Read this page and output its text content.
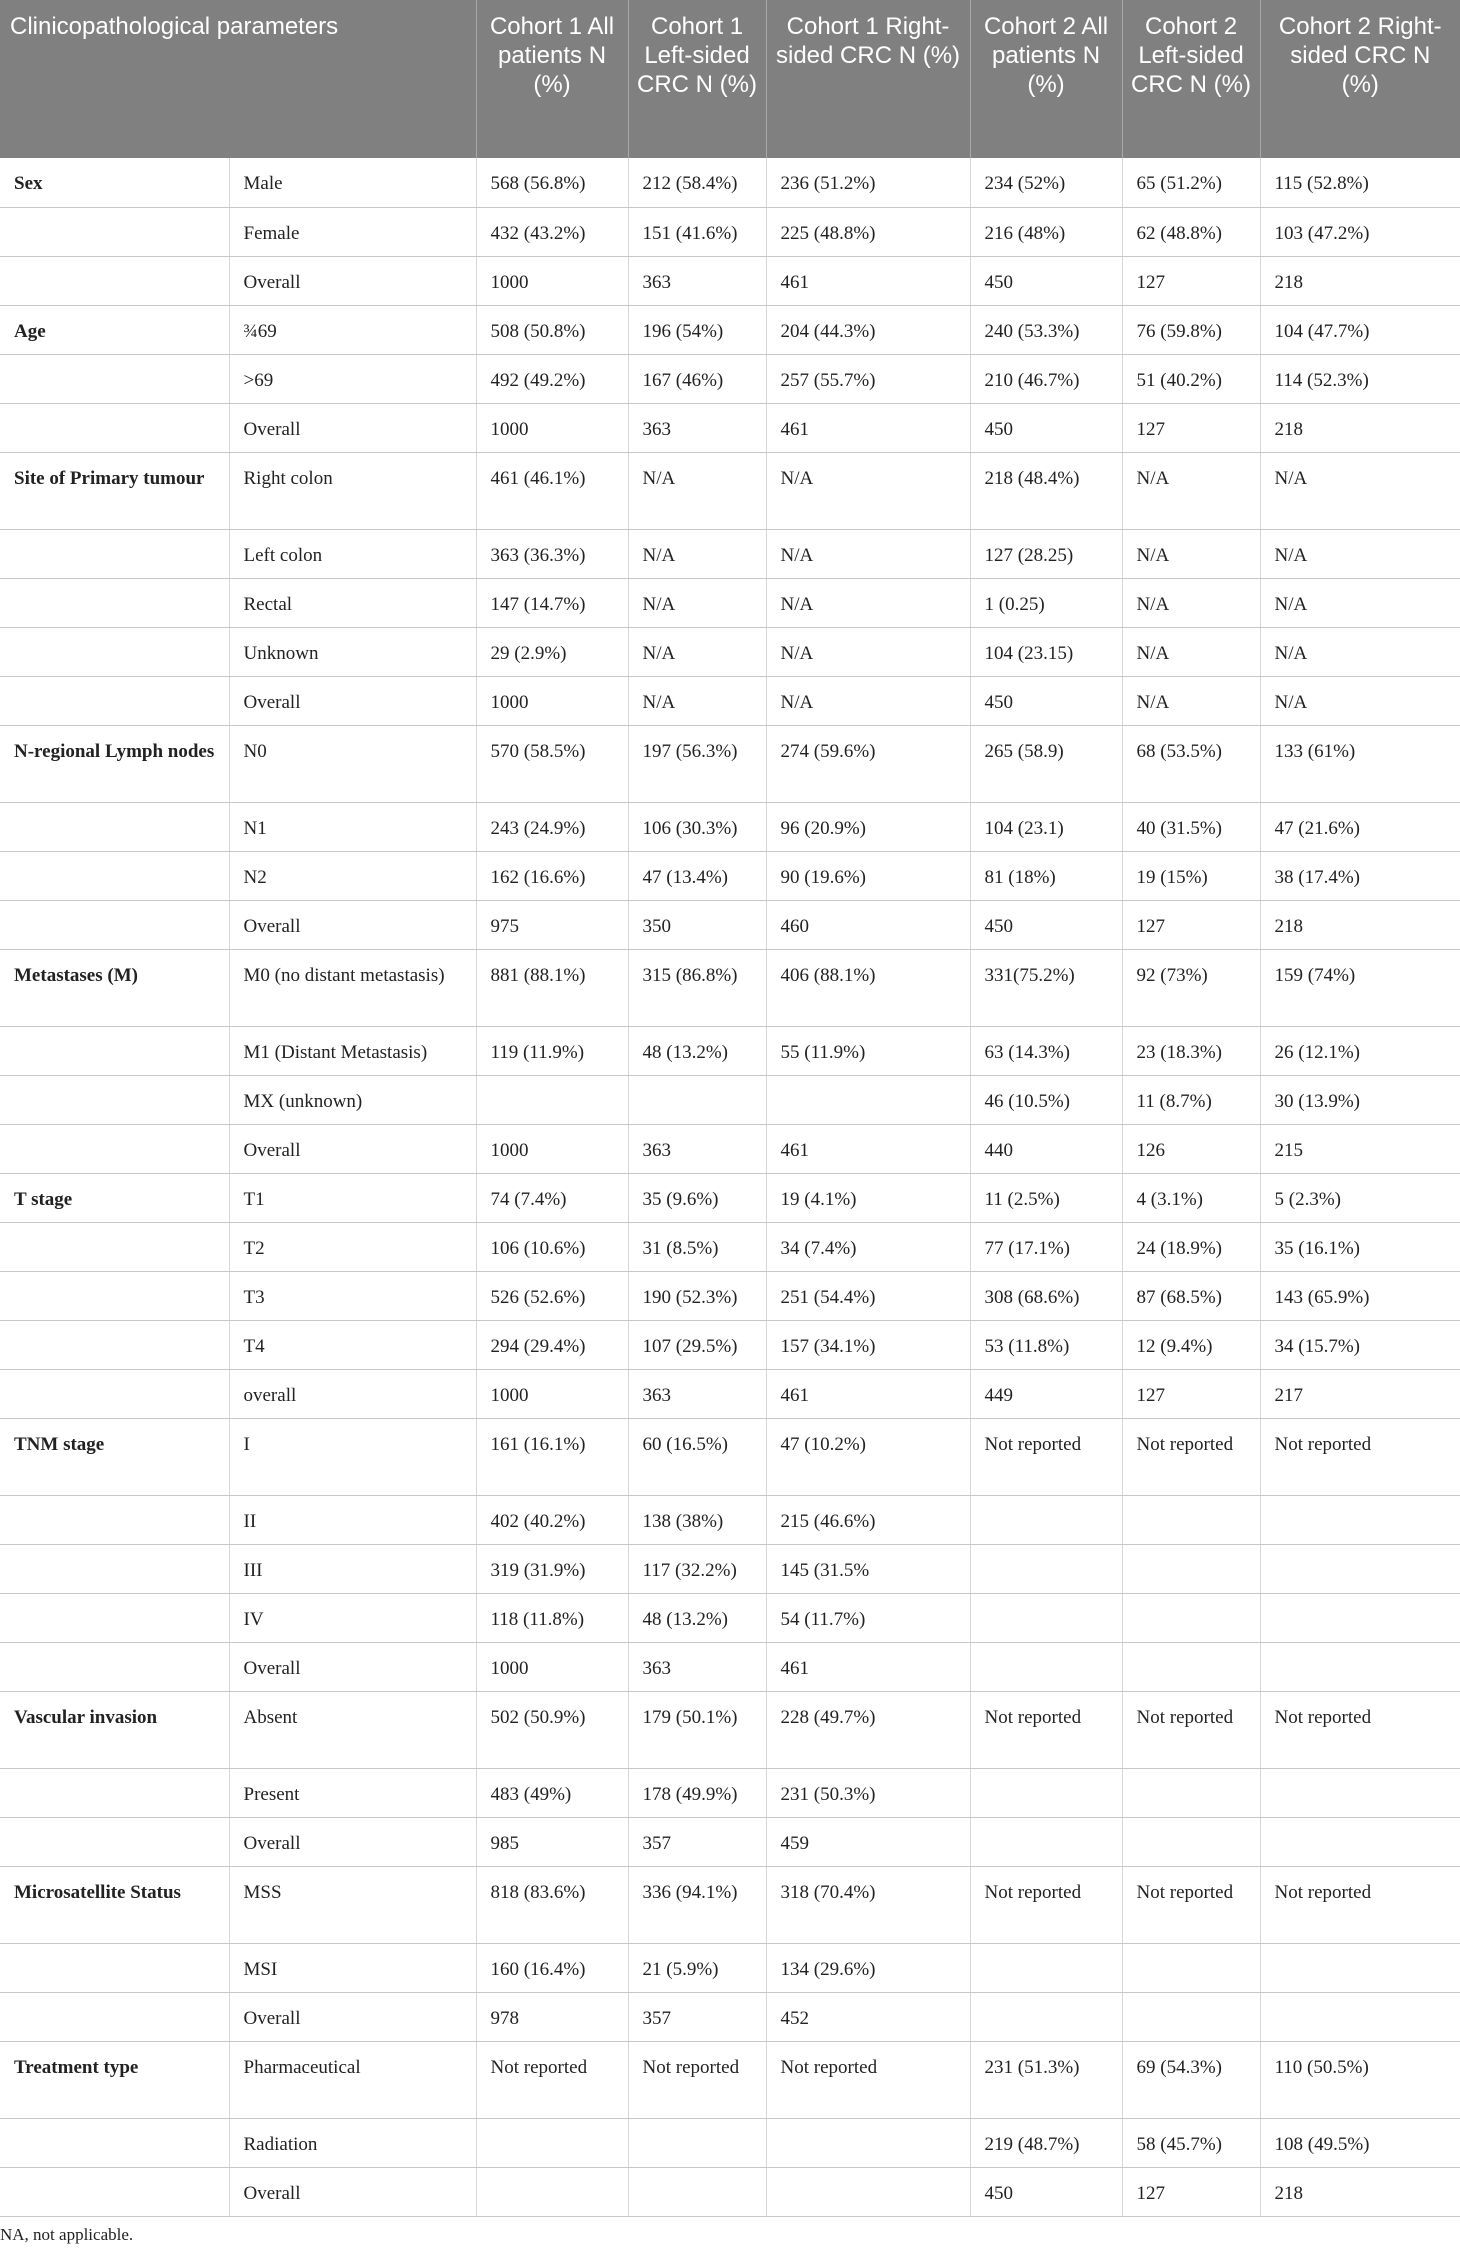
Clinicopathological parameters		Cohort 1 All patients N (%)	Cohort 1 Left-sided CRC N (%)	Cohort 1 Right-sided CRC N (%)	Cohort 2 All patients N (%)	Cohort 2 Left-sided CRC N (%)	Cohort 2 Right-sided CRC N (%)
Sex	Male	568 (56.8%)	212 (58.4%)	236 (51.2%)	234 (52%)	65 (51.2%)	115 (52.8%)
	Female	432 (43.2%)	151 (41.6%)	225 (48.8%)	216 (48%)	62 (48.8%)	103 (47.2%)
	Overall	1000	363	461	450	127	218
Age	¾69	508 (50.8%)	196 (54%)	204 (44.3%)	240 (53.3%)	76 (59.8%)	104 (47.7%)
	>69	492 (49.2%)	167 (46%)	257 (55.7%)	210 (46.7%)	51 (40.2%)	114 (52.3%)
	Overall	1000	363	461	450	127	218
Site of Primary tumour	Right colon	461 (46.1%)	N/A	N/A	218 (48.4%)	N/A	N/A
	Left colon	363 (36.3%)	N/A	N/A	127 (28.25)	N/A	N/A
	Rectal	147 (14.7%)	N/A	N/A	1 (0.25)	N/A	N/A
	Unknown	29 (2.9%)	N/A	N/A	104 (23.15)	N/A	N/A
	Overall	1000	N/A	N/A	450	N/A	N/A
N-regional Lymph nodes	N0	570 (58.5%)	197 (56.3%)	274 (59.6%)	265 (58.9)	68 (53.5%)	133 (61%)
	N1	243 (24.9%)	106 (30.3%)	96 (20.9%)	104 (23.1)	40 (31.5%)	47 (21.6%)
	N2	162 (16.6%)	47 (13.4%)	90 (19.6%)	81 (18%)	19 (15%)	38 (17.4%)
	Overall	975	350	460	450	127	218
Metastases (M)	M0 (no distant metastasis)	881 (88.1%)	315 (86.8%)	406 (88.1%)	331(75.2%)	92 (73%)	159 (74%)
	M1 (Distant Metastasis)	119 (11.9%)	48 (13.2%)	55 (11.9%)	63 (14.3%)	23 (18.3%)	26 (12.1%)
	MX (unknown)				46 (10.5%)	11 (8.7%)	30 (13.9%)
	Overall	1000	363	461	440	126	215
T stage	T1	74 (7.4%)	35 (9.6%)	19 (4.1%)	11 (2.5%)	4 (3.1%)	5 (2.3%)
	T2	106 (10.6%)	31 (8.5%)	34 (7.4%)	77 (17.1%)	24 (18.9%)	35 (16.1%)
	T3	526 (52.6%)	190 (52.3%)	251 (54.4%)	308 (68.6%)	87 (68.5%)	143 (65.9%)
	T4	294 (29.4%)	107 (29.5%)	157 (34.1%)	53 (11.8%)	12 (9.4%)	34 (15.7%)
	overall	1000	363	461	449	127	217
TNM stage	I	161 (16.1%)	60 (16.5%)	47 (10.2%)	Not reported	Not reported	Not reported
	II	402 (40.2%)	138 (38%)	215 (46.6%)			
	III	319 (31.9%)	117 (32.2%)	145 (31.5%			
	IV	118 (11.8%)	48 (13.2%)	54 (11.7%)			
	Overall	1000	363	461			
Vascular invasion	Absent	502 (50.9%)	179 (50.1%)	228 (49.7%)	Not reported	Not reported	Not reported
	Present	483 (49%)	178 (49.9%)	231 (50.3%)			
	Overall	985	357	459			
Microsatellite Status	MSS	818 (83.6%)	336 (94.1%)	318 (70.4%)	Not reported	Not reported	Not reported
	MSI	160 (16.4%)	21 (5.9%)	134 (29.6%)			
	Overall	978	357	452			
Treatment type	Pharmaceutical	Not reported	Not reported	Not reported	231 (51.3%)	69 (54.3%)	110 (50.5%)
	Radiation				219 (48.7%)	58 (45.7%)	108 (49.5%)
	Overall				450	127	218
NA, not applicable.
